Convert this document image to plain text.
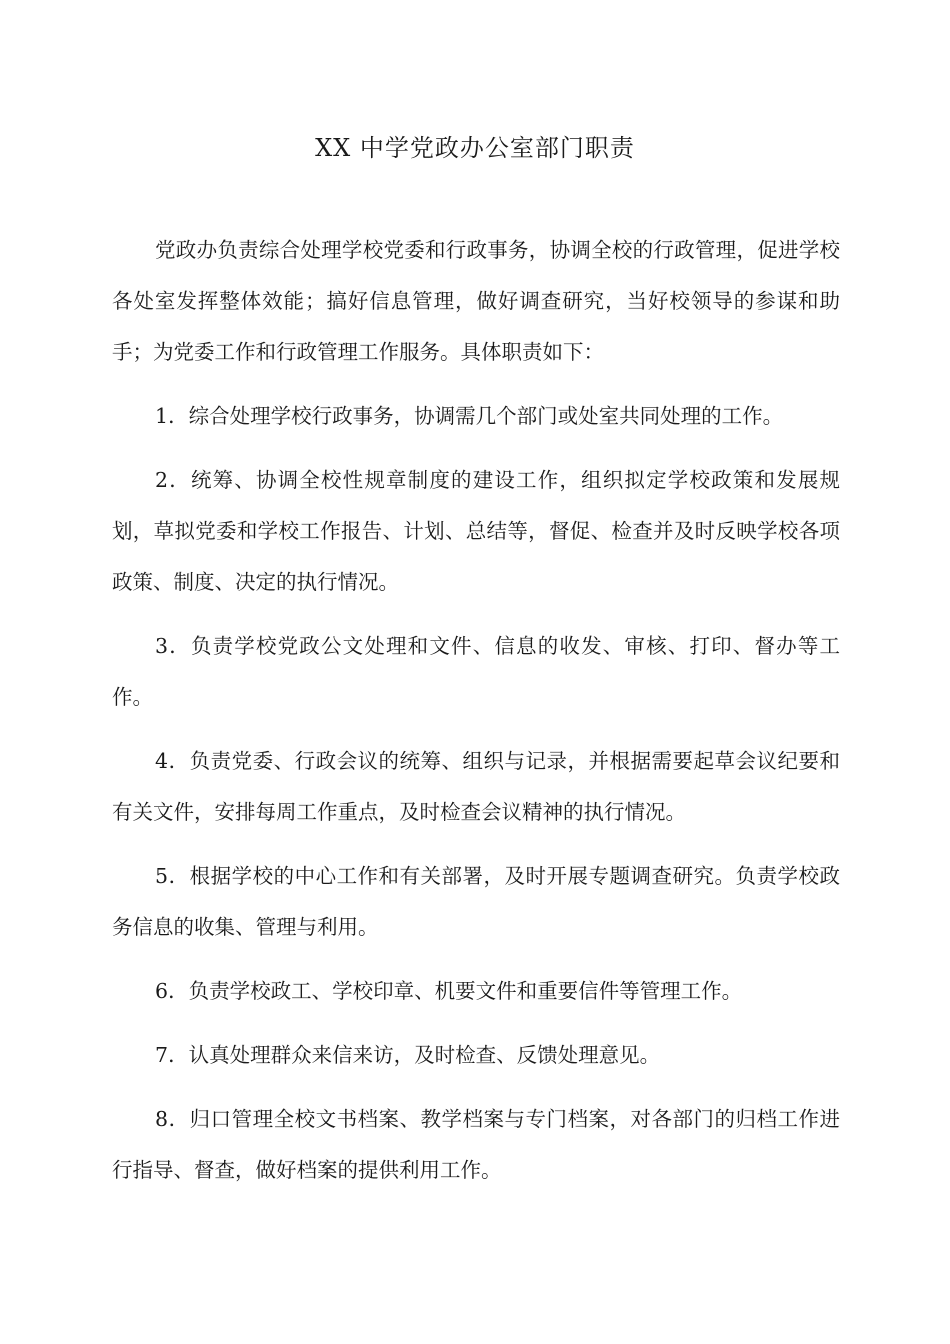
XX 中学党政办公室部门职责

党政办负责综合处理学校党委和行政事务，协调全校的行政管理，促进学校各处室发挥整体效能；搞好信息管理，做好调查研究，当好校领导的参谋和助手；为党委工作和行政管理工作服务。具体职责如下：

1．综合处理学校行政事务，协调需几个部门或处室共同处理的工作。

2．统筹、协调全校性规章制度的建设工作，组织拟定学校政策和发展规划，草拟党委和学校工作报告、计划、总结等，督促、检查并及时反映学校各项政策、制度、决定的执行情况。

3．负责学校党政公文处理和文件、信息的收发、审核、打印、督办等工作。

4．负责党委、行政会议的统筹、组织与记录，并根据需要起草会议纪要和有关文件，安排每周工作重点，及时检查会议精神的执行情况。

5．根据学校的中心工作和有关部署，及时开展专题调查研究。负责学校政务信息的收集、管理与利用。

6．负责学校政工、学校印章、机要文件和重要信件等管理工作。

7．认真处理群众来信来访，及时检查、反馈处理意见。

8．归口管理全校文书档案、教学档案与专门档案，对各部门的归档工作进行指导、督查，做好档案的提供利用工作。
